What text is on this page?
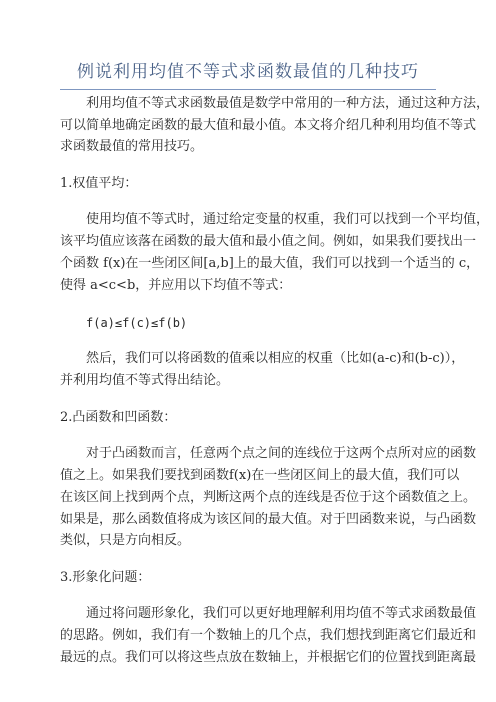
例说利用均值不等式求函数最值的几种技巧
利用均值不等式求函数最值是数学中常用的一种方法，通过这种方法，
可以简单地确定函数的最大值和最小值。本文将介绍几种利用均值不等式
求函数最值的常用技巧。
1.权值平均：
使用均值不等式时，通过给定变量的权重，我们可以找到一个平均值，
该平均值应该落在函数的最大值和最小值之间。例如，如果我们要找出一
个函数 f(x)在一些闭区间[a,b]上的最大值，我们可以找到一个适当的 c，
使得 a<c<b，并应用以下均值不等式：
f(a)≤f(c)≤f(b)
然后，我们可以将函数的值乘以相应的权重（比如(a-c)和(b-c)），
并利用均值不等式得出结论。
2.凸函数和凹函数：
对于凸函数而言，任意两个点之间的连线位于这两个点所对应的函数
值之上。如果我们要找到函数f(x)在一些闭区间上的最大值，我们可以
在该区间上找到两个点，判断这两个点的连线是否位于这个函数值之上。
如果是，那么函数值将成为该区间的最大值。对于凹函数来说，与凸函数
类似，只是方向相反。
3.形象化问题：
通过将问题形象化，我们可以更好地理解利用均值不等式求函数最值
的思路。例如，我们有一个数轴上的几个点，我们想找到距离它们最近和
最远的点。我们可以将这些点放在数轴上，并根据它们的位置找到距离最
